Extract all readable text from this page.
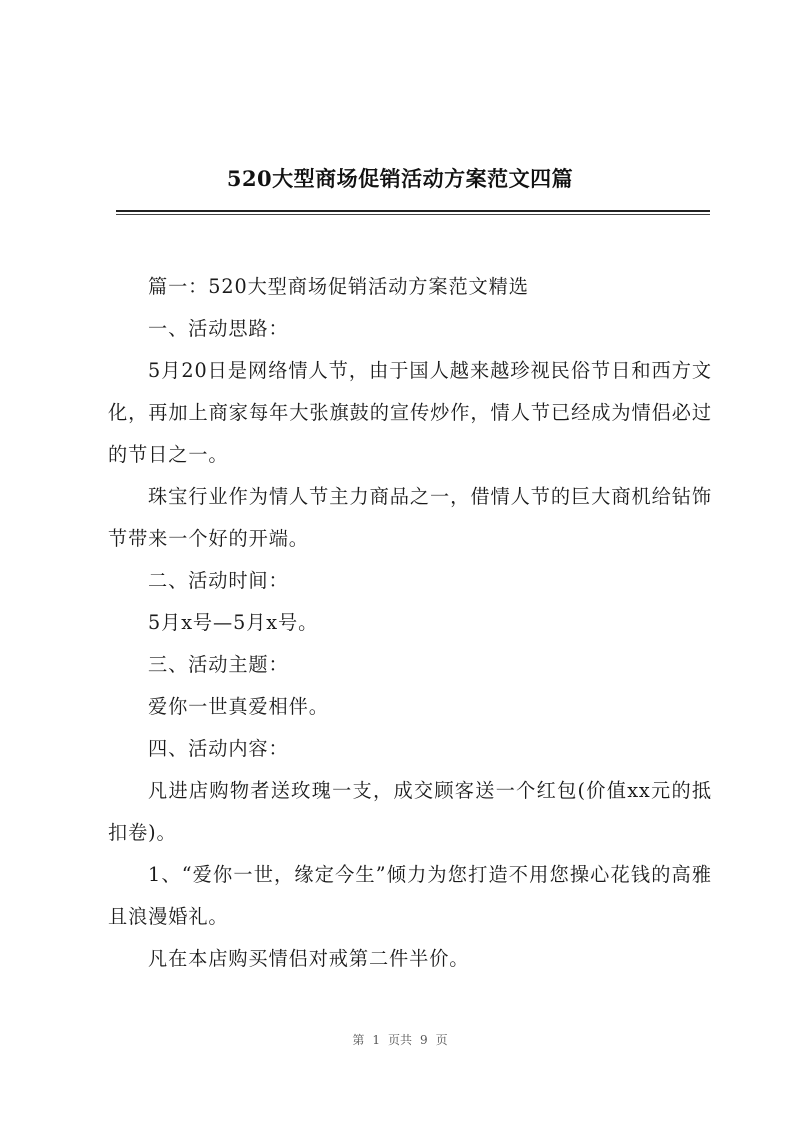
520大型商场促销活动方案范文四篇

篇一：520大型商场促销活动方案范文精选

一、活动思路：

5月20日是网络情人节，由于国人越来越珍视民俗节日和西方文化，再加上商家每年大张旗鼓的宣传炒作，情人节已经成为情侣必过的节日之一。

珠宝行业作为情人节主力商品之一，借情人节的巨大商机给钻饰节带来一个好的开端。

二、活动时间：

5月x号—5月x号。

三、活动主题：

爱你一世真爱相伴。

四、活动内容：

凡进店购物者送玫瑰一支，成交顾客送一个红包(价值xx元的抵扣卷)。

1、“爱你一世，缘定今生”倾力为您打造不用您操心花钱的高雅且浪漫婚礼。

凡在本店购买情侣对戒第二件半价。

第 1 页共 9 页
